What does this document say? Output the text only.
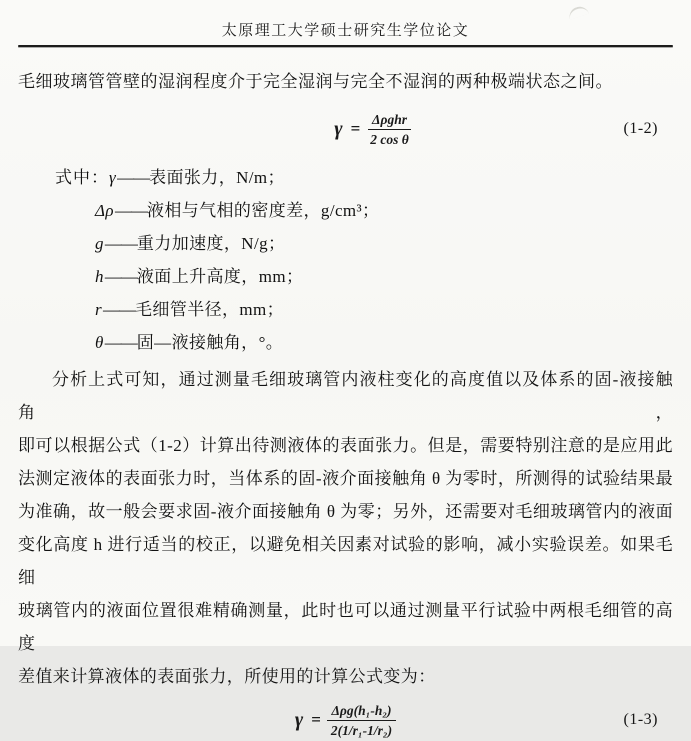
太原理工大学硕士研究生学位论文

毛细玻璃管管壁的湿润程度介于完全湿润与完全不湿润的两种极端状态之间。

$\gamma = \frac{\text{Δρghr}}{\text{2 cos θ}}$	(1-2)
式中：γ——表面张力，N/m；
Δρ——液相与气相的密度差，g/cm³；
g——重力加速度，N/g；
h——液面上升高度，mm；
r——毛细管半径，mm；
θ——固—液接触角，°。
分析上式可知，通过测量毛细玻璃管内液柱变化的高度值以及体系的固-液接触角，
即可以根据公式（1-2）计算出待测液体的表面张力。但是，需要特别注意的是应用此
法测定液体的表面张力时，当体系的固-液介面接触角 θ 为零时，所测得的试验结果最
为准确，故一般会要求固-液介面接触角 θ 为零；另外，还需要对毛细玻璃管内的液面
变化高度 h 进行适当的校正，以避免相关因素对试验的影响，减小实验误差。如果毛细
玻璃管内的液面位置很难精确测量，此时也可以通过测量平行试验中两根毛细管的高度
差值来计算液体的表面张力，所使用的计算公式变为：
$\gamma = \frac{\text{Δρg(h₁-h₂)}}{\text{2(1/r₁-1/r₂)}}$	(1-3)
